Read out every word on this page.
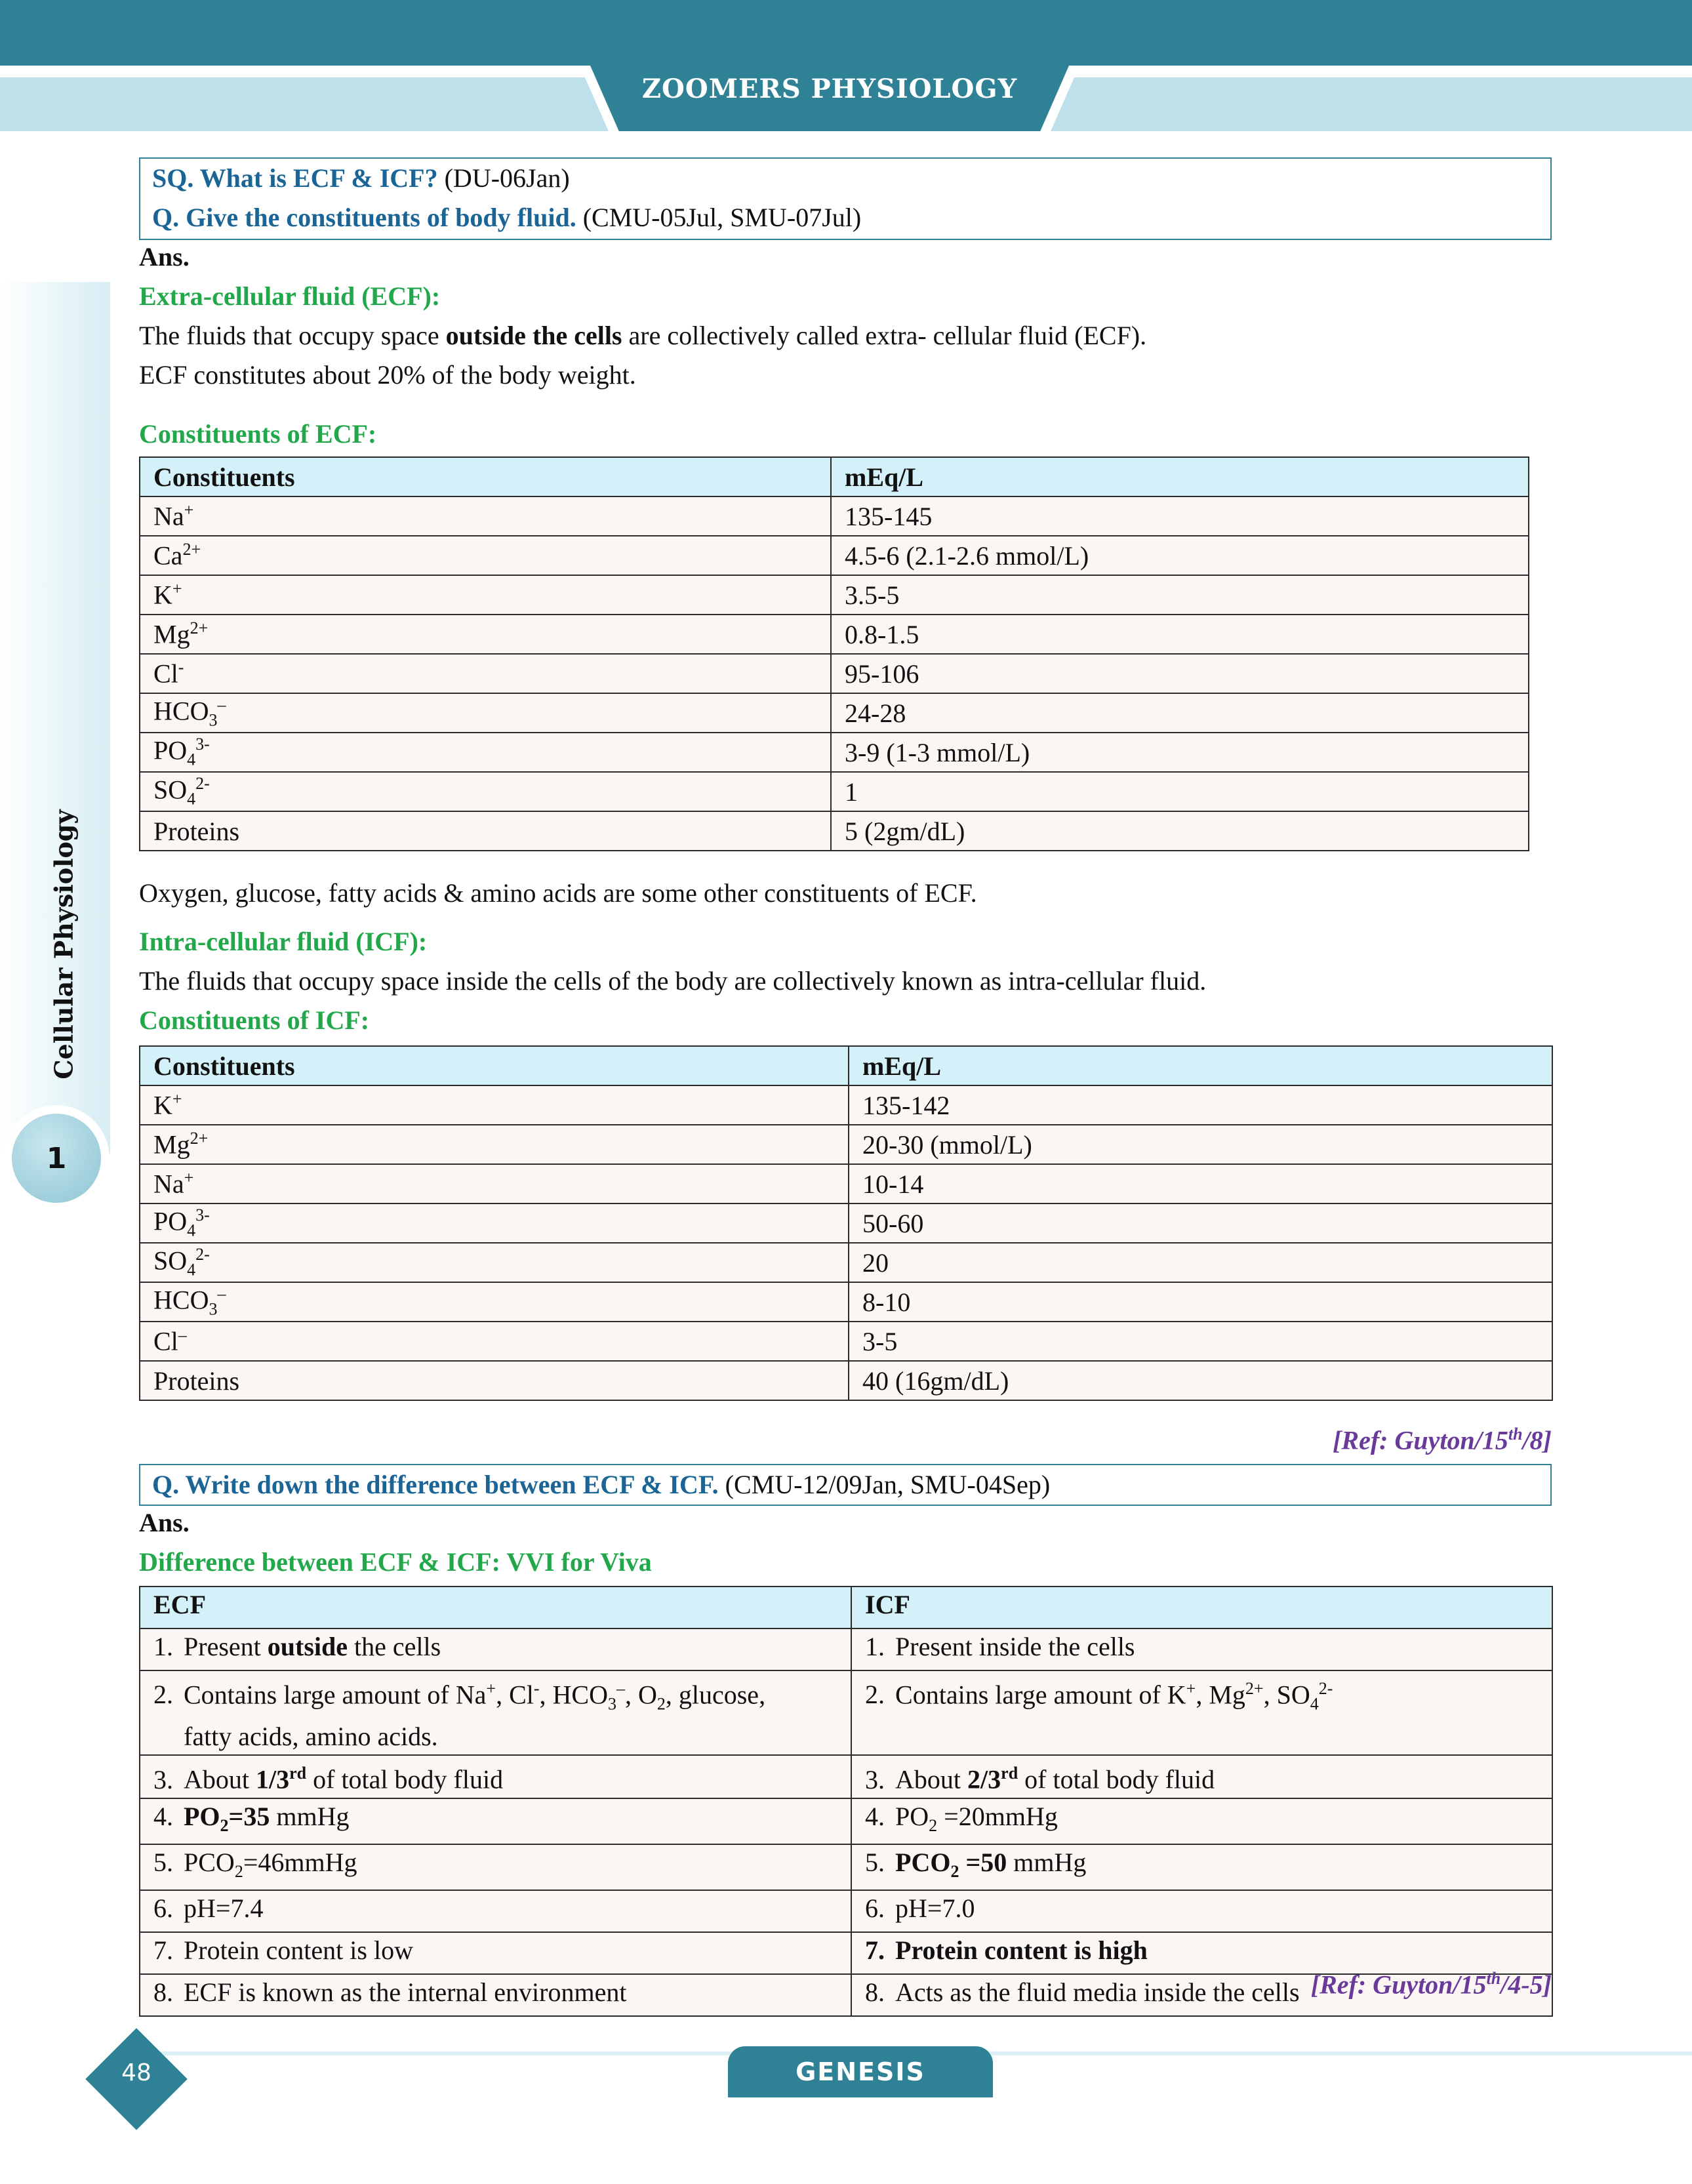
ZOOMERS PHYSIOLOGY
Cellular Physiology
1
SQ. What is ECF & ICF? (DU-06Jan)
Q. Give the constituents of body fluid. (CMU-05Jul, SMU-07Jul)
Ans.
Extra-cellular fluid (ECF):
The fluids that occupy space outside the cells are collectively called extra- cellular fluid (ECF).
ECF constitutes about 20% of the body weight.
Constituents of ECF:
Constituents	mEq/L
Na+	135-145
$Ca^{2+}$	4.5-6 (2.1-2.6 mmol/L)
K+	3.5-5
$Mg^{2+}$	0.8-1.5
Cl-	95-106
$HCO_3^-$	24-28
$PO_4^{3-}$	3-9 (1-3 mmol/L)
$SO_4^{2-}$	1
Proteins	5 (2gm/dL)
Oxygen, glucose, fatty acids & amino acids are some other constituents of ECF.
Intra-cellular fluid (ICF):
The fluids that occupy space inside the cells of the body are collectively known as intra-cellular fluid.
Constituents of ICF:
Constituents	mEq/L
K+	135-142
$Mg^{2+}$	20-30 (mmol/L)
Na+	10-14
$PO_4^{3-}$	50-60
$SO_4^{2-}$	20
$HCO_3^-$	8-10
Cl–	3-5
Proteins	40 (16gm/dL)
[Ref: Guyton/15th/8]
Q. Write down the difference between ECF & ICF. (CMU-12/09Jan, SMU-04Sep)
Ans.
Difference between ECF & ICF: VVI for Viva
ECF	ICF
1. Present outside the cells	1. Present inside the cells
2. Contains large amount of Na+, Cl-, $HCO_3^-$, $O_2$, glucose,
fatty acids, amino acids.	2. Contains large amount of K+, $Mg^{2+}$, $SO_4^{2-}$
3. About 1/3rd of total body fluid	3. About 2/3rd of total body fluid
4. $PO_2=35$ mmHg	4. $PO_2$ =20mmHg
5. $PCO_2=46mmHg$	5. $PCO_2 =50$ mmHg
6. pH=7.4	6. pH=7.0
7. Protein content is low	7. Protein content is high
8. ECF is known as the internal environment	8. Acts as the fluid media inside the cells [Ref: Guyton/15th/4-5]
GENESIS
48
